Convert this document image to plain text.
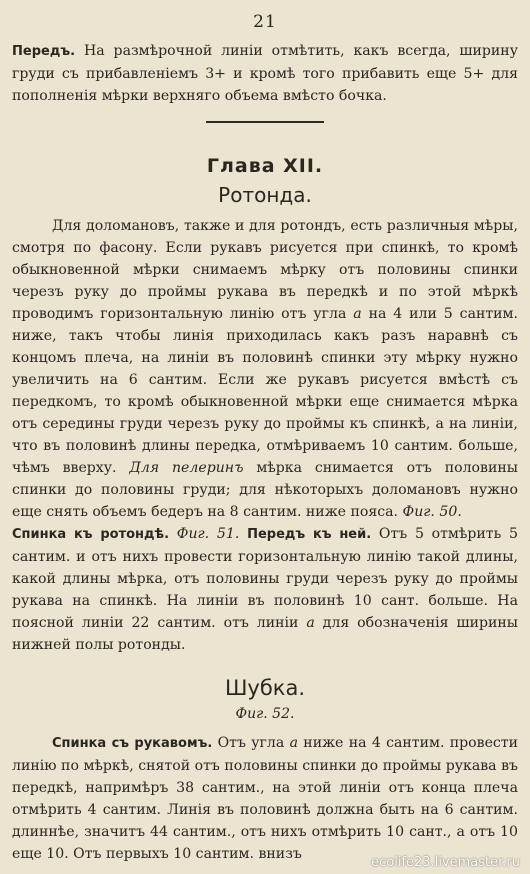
21

Передъ. На размѣрочной линіи отмѣтить, какъ всегда, ширину груди съ прибавленіемъ 3+ и кромѣ того прибавить еще 5+ для пополненія мѣрки верхняго объема вмѣсто бочка.

Глава XII.
Ротонда.

Для доломановъ, также и для ротондъ, есть различныя мѣры, смотря по фасону. Если рукавъ рисуется при спинкѣ, то кромѣ обыкновенной мѣрки снимаемъ мѣрку отъ половины спинки черезъ руку до проймы рукава въ передкѣ и по этой мѣркѣ проводимъ горизонтальную линію отъ угла а на 4 или 5 сантим. ниже, такъ чтобы линія приходилась какъ разъ наравнѣ съ концомъ плеча, на линіи въ половинѣ спинки эту мѣрку нужно увеличить на 6 сантим. Если же рукавъ рисуется вмѣстѣ съ передкомъ, то кромѣ обыкновенной мѣрки еще снимается мѣрка отъ середины груди черезъ руку до проймы къ спинкѣ, а на линіи, что въ половинѣ длины передка, отмѣриваемъ 10 сантим. больше, чѣмъ вверху. Для пелеринъ мѣрка снимается отъ половины спинки до половины груди; для нѣкоторыхъ доломановъ нужно еще снять объемъ бедеръ на 8 сантим. ниже пояса. Фиг. 50.

Спинка къ ротондѣ. Фиг. 51. Передъ къ ней. Отъ 5 отмѣрить 5 сантим. и отъ нихъ провести горизонтальную линію такой длины, какой длины мѣрка, отъ половины груди черезъ руку до проймы рукава на спинкѣ. На линіи въ половинѣ 10 сант. больше. На поясной линіи 22 сантим. отъ линіи а для обозначенія ширины нижней полы ротонды.

Шубка.
Фиг. 52.

Спинка съ рукавомъ. Отъ угла а ниже на 4 сантим. провести линію по мѣркѣ, снятой отъ половины спинки до проймы рукава въ передкѣ, напримѣръ 38 сантим., на этой линіи отъ конца плеча отмѣрить 4 сантим. Линія въ половинѣ должна быть на 6 сантим. длиннѣе, значитъ 44 сантим., отъ нихъ отмѣрить 10 сант., а отъ 10 еще 10. Отъ первыхъ 10 сантим. внизъ

ecolife23.livemaster.ru
